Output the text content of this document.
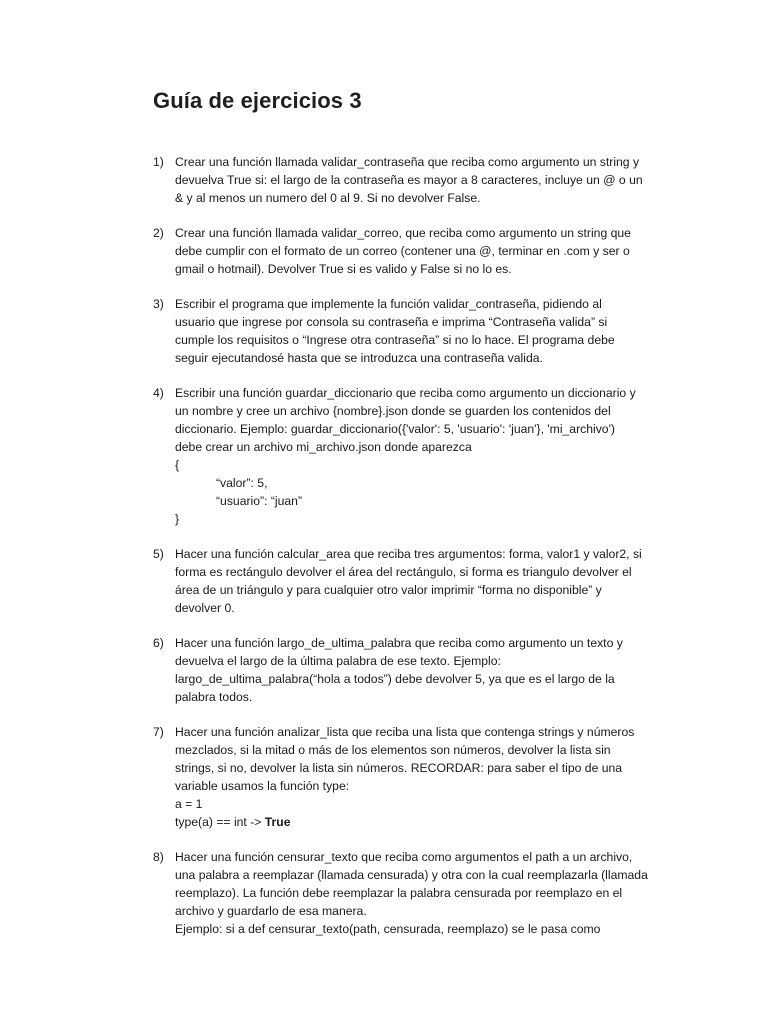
Guía de ejercicios 3
1) Crear una función llamada validar_contraseña que reciba como argumento un string y
devuelva True si: el largo de la contraseña es mayor a 8 caracteres, incluye un @ o un
& y al menos un numero del 0 al 9. Si no devolver False.
2) Crear una función llamada validar_correo, que reciba como argumento un string que
debe cumplir con el formato de un correo (contener una @, terminar en .com y ser o
gmail o hotmail). Devolver True si es valido y False si no lo es.
3) Escribir el programa que implemente la función validar_contraseña, pidiendo al
usuario que ingrese por consola su contraseña e imprima “Contraseña valida” si
cumple los requisitos o “Ingrese otra contraseña” si no lo hace. El programa debe
seguir ejecutandosé hasta que se introduzca una contraseña valida.
4) Escribir una función guardar_diccionario que reciba como argumento un diccionario y
un nombre y cree un archivo {nombre}.json donde se guarden los contenidos del
diccionario. Ejemplo: guardar_diccionario({'valor': 5, 'usuario': 'juan'}, 'mi_archivo')
debe crear un archivo mi_archivo.json donde aparezca
{
“valor”: 5,
“usuario”: “juan”
}
5) Hacer una función calcular_area que reciba tres argumentos: forma, valor1 y valor2, si
forma es rectángulo devolver el área del rectángulo, si forma es triangulo devolver el
área de un triángulo y para cualquier otro valor imprimir “forma no disponible” y
devolver 0.
6) Hacer una función largo_de_ultima_palabra que reciba como argumento un texto y
devuelva el largo de la última palabra de ese texto. Ejemplo:
largo_de_ultima_palabra(“hola a todos”) debe devolver 5, ya que es el largo de la
palabra todos.
7) Hacer una función analizar_lista que reciba una lista que contenga strings y números
mezclados, si la mitad o más de los elementos son números, devolver la lista sin
strings, si no, devolver la lista sin números. RECORDAR: para saber el tipo de una
variable usamos la función type:
a = 1
type(a) == int -> True
8) Hacer una función censurar_texto que reciba como argumentos el path a un archivo,
una palabra a reemplazar (llamada censurada) y otra con la cual reemplazarla (llamada
reemplazo). La función debe reemplazar la palabra censurada por reemplazo en el
archivo y guardarlo de esa manera.
Ejemplo: si a def censurar_texto(path, censurada, reemplazo) se le pasa como
